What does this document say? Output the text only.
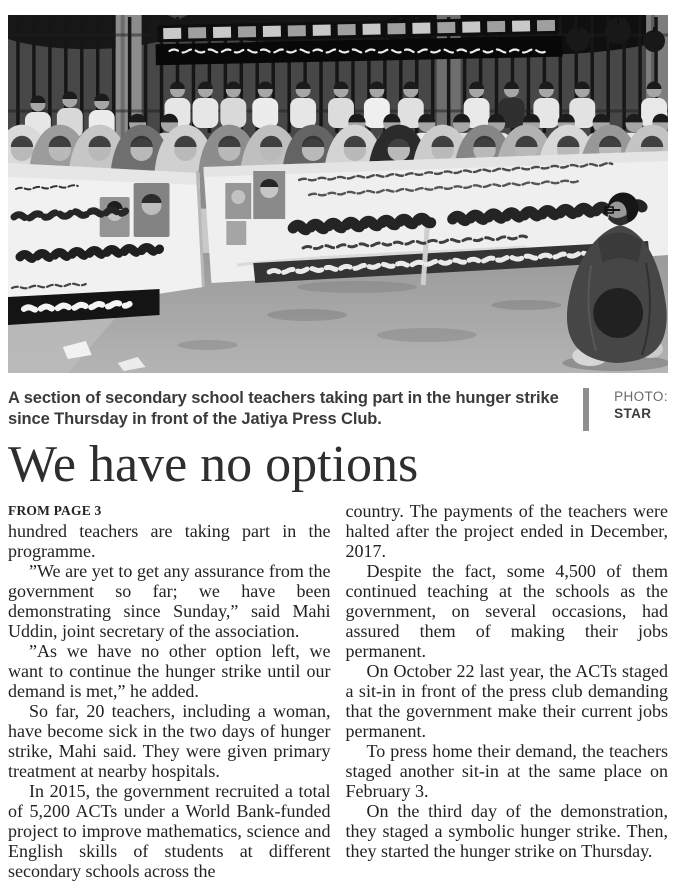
A section of secondary school teachers taking part in the hunger strike since Thursday in front of the Jatiya Press Club.

PHOTO:
STAR
We have no options

FROM PAGE 3

hundred teachers are taking part in the programme.

”We are yet to get any assurance from the government so far; we have been demonstrating since Sunday,” said Mahi Uddin, joint secretary of the association.

”As we have no other option left, we want to continue the hunger strike until our demand is met,” he added.

So far, 20 teachers, including a woman, have become sick in the two days of hunger strike, Mahi said. They were given primary treatment at nearby hospitals.

In 2015, the government recruited a total of 5,200 ACTs under a World Bank-funded project to improve mathematics, science and English skills of students at different secondary schools across the

country. The payments of the teachers were halted after the project ended in December, 2017.

Despite the fact, some 4,500 of them continued teaching at the schools as the government, on several occasions, had assured them of making their jobs permanent.

On October 22 last year, the ACTs staged a sit-in in front of the press club demanding that the government make their current jobs permanent.

To press home their demand, the teachers staged another sit-in at the same place on February 3.

On the third day of the demonstration, they staged a symbolic hunger strike. Then, they started the hunger strike on Thursday.
